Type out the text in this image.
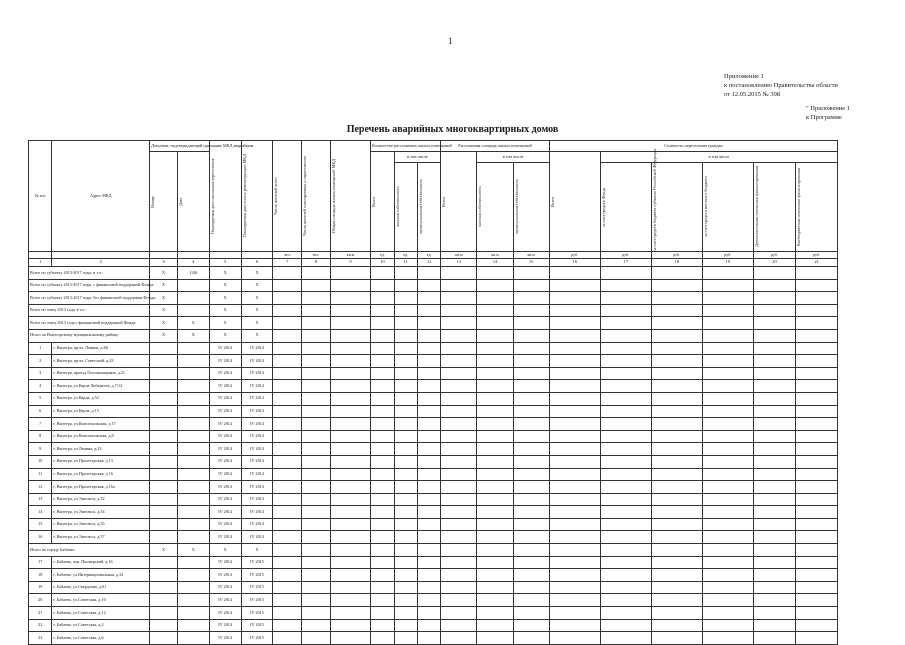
1
Приложение 1
к постановлению Правительства области
от 12.05.2015 № 398
" Приложение 1
к Программе
Перечень аварийных многоквартирных домов
№ п/п	Адрес МКД	Документ, подтверждающий признание МКД аварийным		Планируемая дата окончания переселения	Планируемая дата сноса/ реконструкции МКД	Число жителей всего	Число жителей планируемых к переселению	Общая площадь жилых помещений МКД	Количество расселяемых жилых помещений			Расселяемая площадь жилых помещений			Стоимость переселения граждан					

		Номер	Дата						Всего	в том числе		Всего	в том числе		Всего	в том числе				

										частная собственность	муниципальная собственность		частная собственность	муниципальная собственность		за счет средств Фонда	за счет средств бюджета субъекта Российской Федерации	за счет средств местного бюджета	Дополнительные источники финансирования	Внебюджетные источники финансирования

						чел.	чел.	кв.м	ед.	ед.	ед.	кв.м	кв.м	кв.м	руб.	руб.	руб.	руб.	руб.	руб.
1	2	3	4	5	6	7	8	9	10	11	12	13	14	15	16	17	18	19	20	21
Всего по субъекту 2013-2017 годы, в т.ч.:		X	1146	X	X															
Всего по субъекту 2013-2017 годы, с финансовой поддержкой Фонда:		X		X	X															
Всего по субъекту 2013-2017 годы, без финансовой поддержки Фонда:		X		X	X															
Всего по этапу 2013 года, в т.ч.:		X		X	X															
Всего по этапу 2013 года с финансовой поддержкой Фонда:		X	X	X	X															
Итого по Вытегорскому муниципальному району:		X	X	X	X															
1	г. Вытегра, пр-кт. Ленина, д.66			IV 2014	IV 2014															
2	г. Вытегра, пр-кт. Советский, д.43			IV 2014	IV 2014															
3	г. Вытегра, проезд Лесопильщиков, д.21			IV 2014	IV 2014															
4	г. Вытегра, ул.Карла Либкнехта, д.7/12			IV 2014	IV 2014															
5	г. Вытегра, ул.Карла, д.52			IV 2014	IV 2014															
6	г. Вытегра, ул.Карла, д.15			IV 2014	IV 2014															
7	г. Вытегра, ул.Комсомольская, д.17			IV 2014	IV 2014															
8	г. Вытегра, ул.Комсомольская, д.8			IV 2014	IV 2014															
9	г. Вытегра, ул.Ленина, д.23			IV 2014	IV 2014															
10	г. Вытегра, ул.Пролетарская, д.13			IV 2014	IV 2014															
11	г. Вытегра, ул.Пролетарская, д.16			IV 2014	IV 2014															
12	г. Вытегра, ул.Пролетарская, д.16а			IV 2014	IV 2014															
13	г. Вытегра, ул.Энгельса, д.52			IV 2014	IV 2014															
14	г. Вытегра, ул.Энгельса, д.54			IV 2014	IV 2014															
15	г. Вытегра, ул.Энгельса, д.55			IV 2014	IV 2014															
16	г. Вытегра, ул.Энгельса, д.57			IV 2014	IV 2014															
Итого по городу Бабаево:		X	X	X	X															
17	г. Бабаево, пер. Пионерский, д.16			IV 2014	IV 2015															
18	г. Бабаево, ул.Интернациональная, д.34			IV 2014	IV 2015															
19	г. Бабаево, ул.Свердлова, д.61			IV 2014	IV 2015															
20	г. Бабаево, ул.Советская, д.10			IV 2014	IV 2015															
21	г. Бабаево, ул.Советская, д.12			IV 2014	IV 2015															
22	г. Бабаево, ул.Советская, д.2			IV 2014	IV 2015															
23	г. Бабаево, ул.Советская, д.6			IV 2014	IV 2015															
